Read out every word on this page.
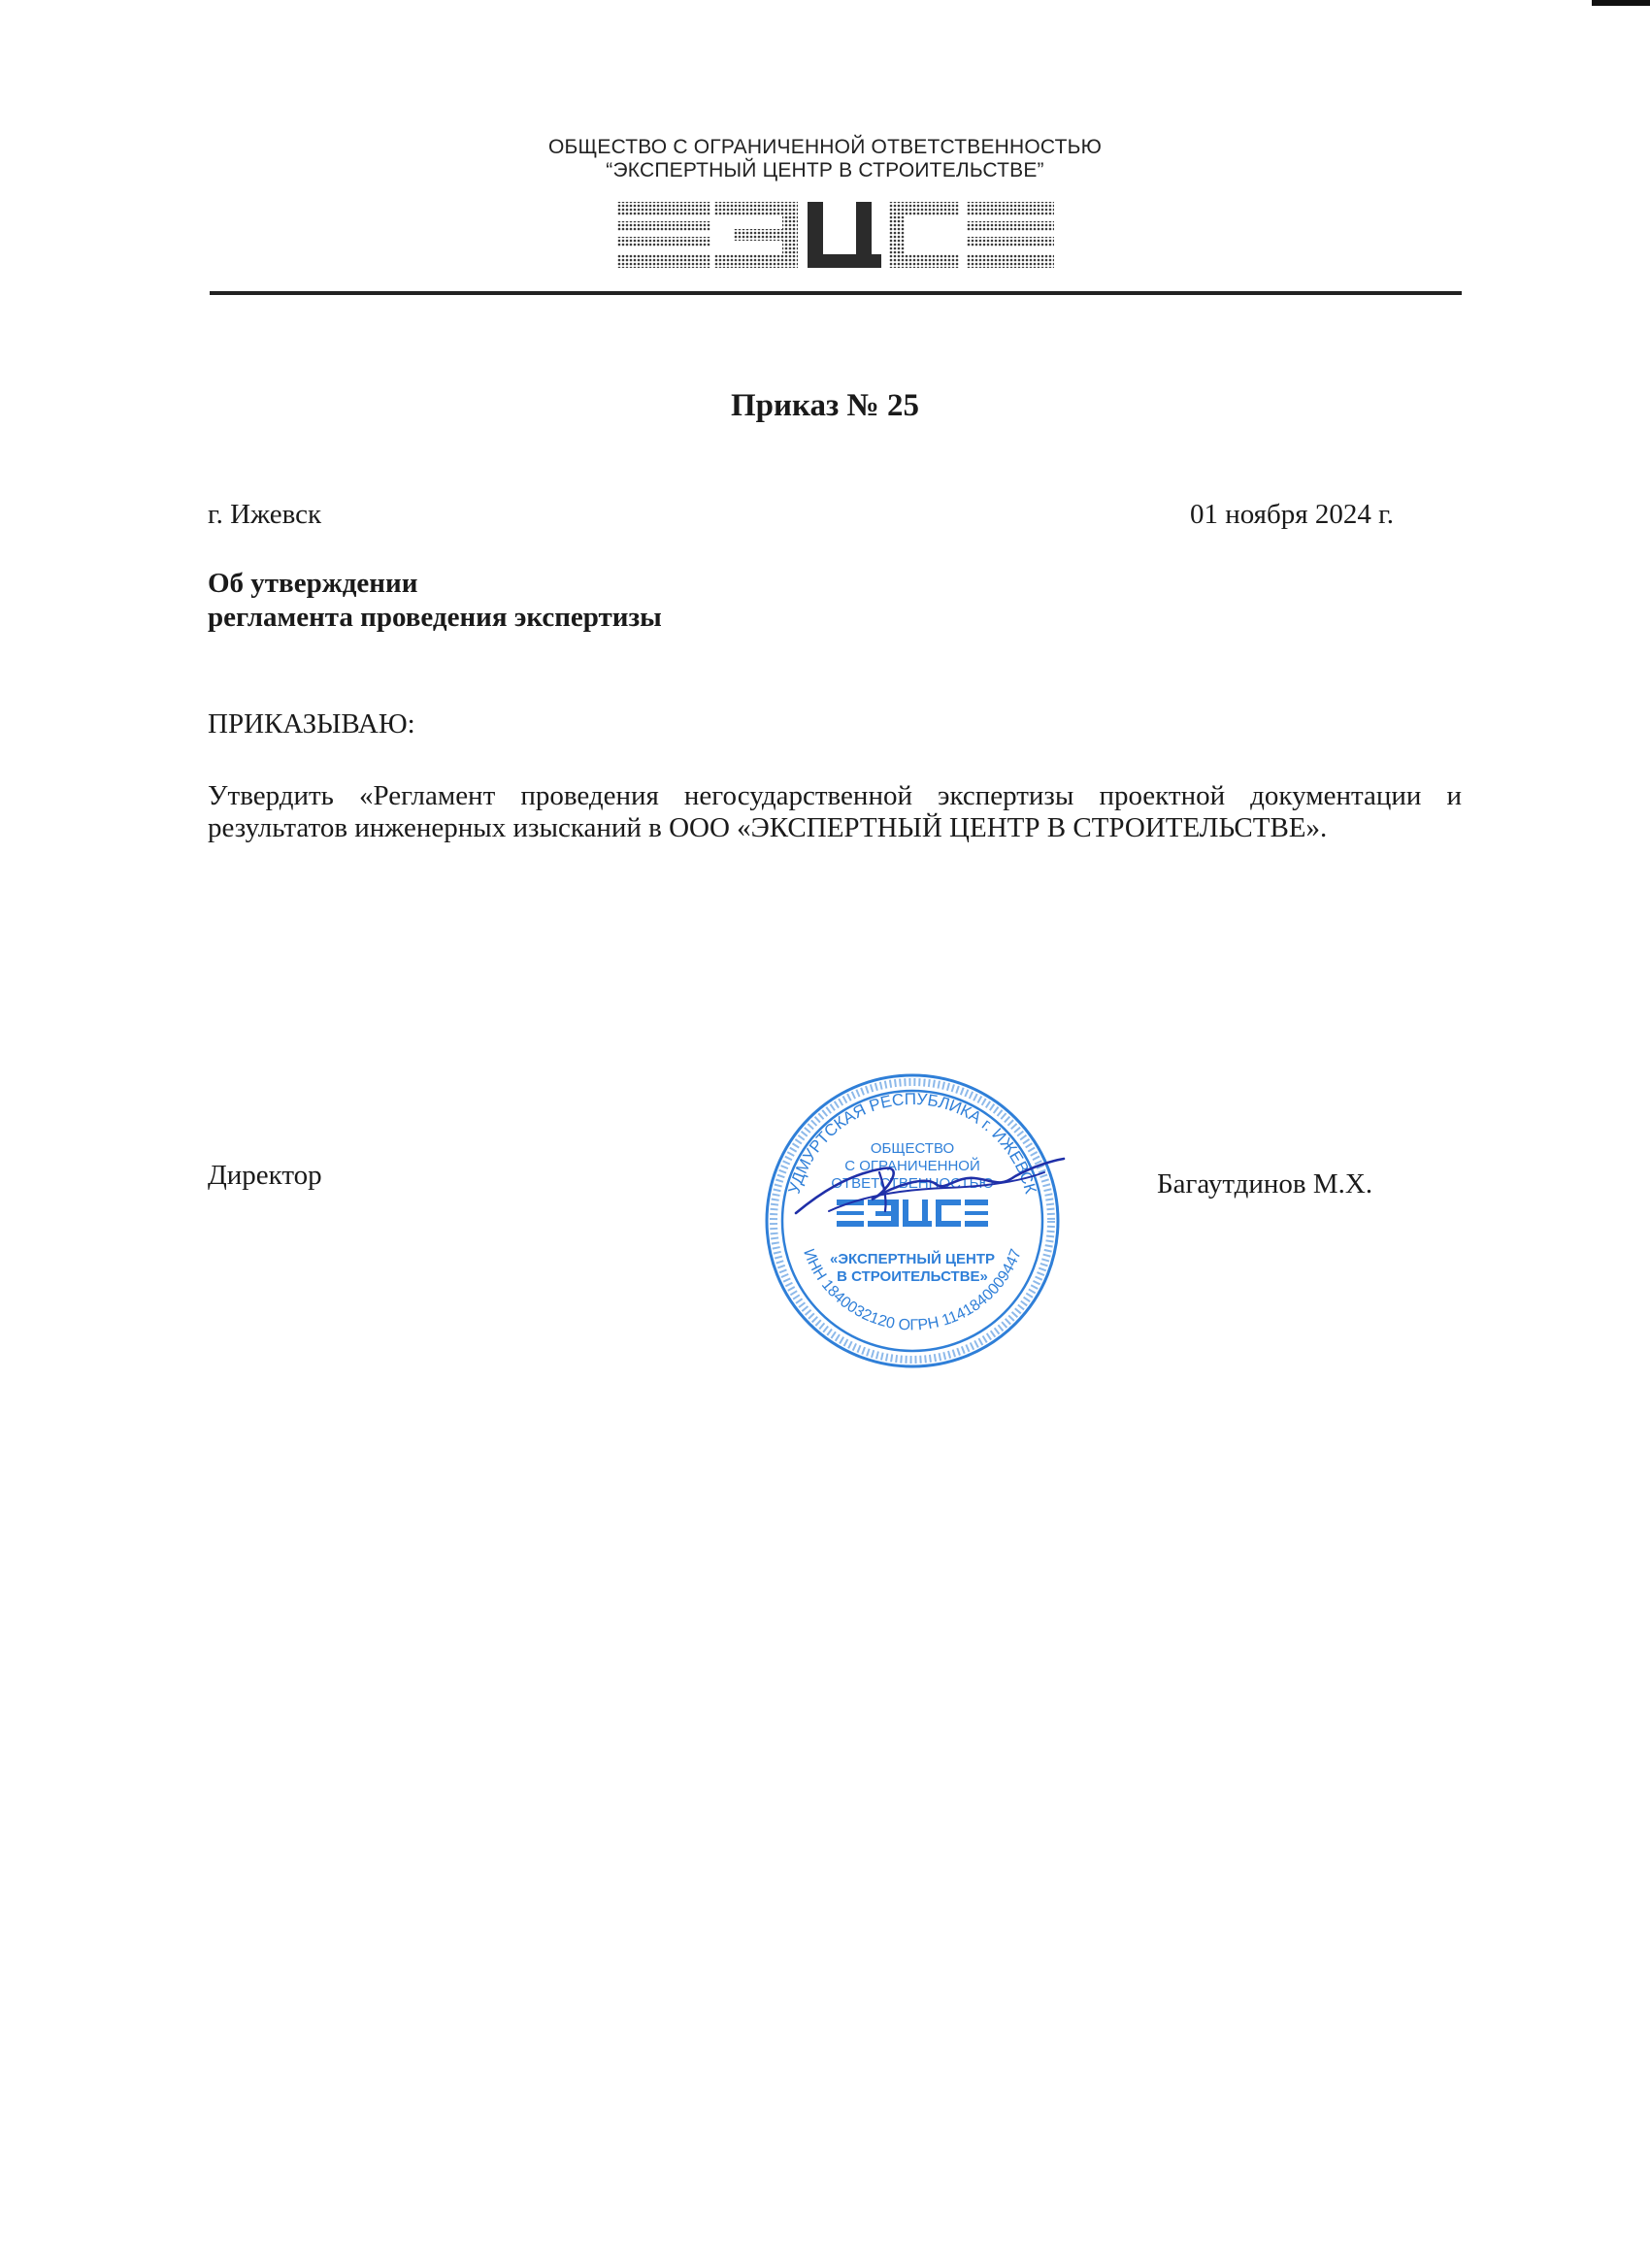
ОБЩЕСТВО С ОГРАНИЧЕННОЙ ОТВЕТСТВЕННОСТЬЮ
“ЭКСПЕРТНЫЙ ЦЕНТР В СТРОИТЕЛЬСТВЕ”
Приказ № 25
г. Ижевск	01 ноября 2024 г.
Об утверждении
регламента проведения экспертизы
ПРИКАЗЫВАЮ:
Утвердить «Регламент проведения негосударственной экспертизы проектной документации и результатов инженерных изысканий в ООО «ЭКСПЕРТНЫЙ ЦЕНТР В СТРОИТЕЛЬСТВЕ».
Директор	Багаутдинов М.Х.
УДМУРТСКАЯ РЕСПУБЛИКА г. ИЖЕВСК
ИНН 1840032120 ОГРН 1141840009447
ОБЩЕСТВО
С ОГРАНИЧЕННОЙ
ОТВЕТСТВЕННОСТЬЮ
«ЭКСПЕРТНЫЙ ЦЕНТР
В СТРОИТЕЛЬСТВЕ»
